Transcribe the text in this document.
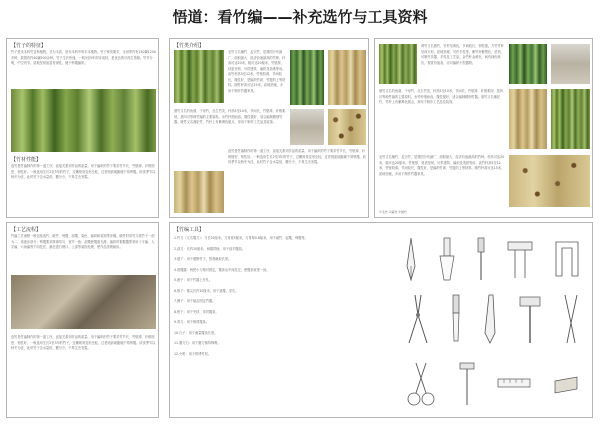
悟道：看竹编——补充选竹与工具资料
【竹子的特征】
竹子是禾本科竹亚科植物，茎为木质，是禾本科中的木本植物。竹子种类繁多，全世界约有150属1200多种，我国有约40属500余种。竹子生长快速，一般3至5年即可成材，是优良的可再生资源。竹节分明，中空有节，质地坚韧而富有弹性，便于劈篾编织。
选竹是竹编制作的第一道工序，直接关系到作品的质量。用于编织的竹子要求竹节长、竹壁薄、纤维细密、韧性好。一般选用生长2至3年的竹子，过嫩则易变形虫蛀，过老则质地脆硬不易劈篾。砍伐季节以秋冬为佳，此时竹子含水量低、糖分少，不易生虫发霉。
【竹材性能】
【竹类介绍】
毛竹又名楠竹、孟宗竹，是我国分布最广、面积最大、经济价值最高的竹种。秆高可达20米，粗可达20厘米，竹壁厚，材质坚韧，可供建筑、编织及造纸等用。淡竹秆高5至12米，竹壁较薄，节间较长，篾性好，是编织竹席、竹篮的上等材料。刚竹秆高可达15米，质地坚硬，多用于制作竹器家具。
慈竹又名钓鱼慈、子母竹，丛生竹类，秆高5至10米，节间长，竹壁薄，纤维柔韧，是四川等地竹编的主要原料。水竹秆细而直，篾性极好，适合编制精细竹器。斑竹又名湘妃竹，竹秆上有紫褐色斑点，常用于制作工艺品及装饰。
选竹是竹编制作的第一道工序，直接关系到作品的质量。用于编织的竹子要求竹节长、竹壁薄、纤维细密、韧性好。一般选用生长2至3年的竹子，过嫩则易变形虫蛀，过老则质地脆硬不易劈篾。砍伐季节以秋冬为佳，此时竹子含水量低、糖分少，不易生虫发霉。
黄竹又名篙竹，竹秆呈黄色，节间较长，韧性强。方竹竹秆呈四方形，质地坚硬，可作手杖等。紫竹秆紫黑色，坚韧，可制作乐器、手杖及工艺品。金竹秆金黄色，间有绿色纵纹，观赏价值高，亦可编织小型器物。
慈竹又名钓鱼慈、子母竹，丛生竹类，秆高5至10米，节间长，竹壁薄，纤维柔韧，是四川等地竹编的主要原料。水竹秆细而直，篾性极好，适合编制精细竹器。斑竹又名湘妃竹，竹秆上有紫褐色斑点，常用于制作工艺品及装饰。
毛竹又名楠竹、孟宗竹，是我国分布最广、面积最大、经济价值最高的竹种。秆高可达20米，粗可达20厘米，竹壁厚，材质坚韧，可供建筑、编织及造纸等用。淡竹秆高5至12米，竹壁较薄，节间较长，篾性好，是编织竹席、竹篮的上等材料。刚竹秆高可达15米，质地坚硬，多用于制作竹器家具。
①毛竹 ②慈竹 ③斑竹
【工艺流程】
竹编工艺流程一般包括选竹、破竹、劈篾、刮篾、染色、编织和装饰等步骤。破竹时用竹刀将竹子一剖为二，再逐步剖分；劈篾要求厚薄均匀、宽窄一致；刮篾使篾面光滑；编织时根据器型采用十字编、人字编、六角编等不同技法，最后进行锁口、上漆等装饰处理，使作品美观耐用。
选竹是竹编制作的第一道工序，直接关系到作品的质量。用于编织的竹子要求竹节长、竹壁薄、纤维细密、韧性好。一般选用生长2至3年的竹子，过嫩则易变形虫蛀，过老则质地脆硬不易劈篾。砍伐季节以秋冬为佳，此时竹子含水量低、糖分少，不易生虫发霉。
【竹编工具】
1.竹刀（又名篾刀）：刀长25厘米，刀身宽5厘米，刀背厚0.8厘米，用于破竹、起篾、劈篾等。
2.刮刀：长约20厘米，两端带柄，用于刮平篾面。
3.锯子：用于锯断竹子，按需截取长度。
4.度篾器：两把小刀相对固定，篾条从中间拉过，使篾条宽度一致。
5.凿子：用于竹器上开孔。
6.锥子：锥尖长约10厘米，用于挑篾、穿孔。
7.锤子：用于敲击固定竹器。
8.钳子：用于夹持、弯折篾条。
9.剪刀：用于修剪篾条。
10.尺子：用于测量篾条长度。
11.磨刀石：用于磨刀保持锋利。
12.火钳：用于烘烤竹材。
